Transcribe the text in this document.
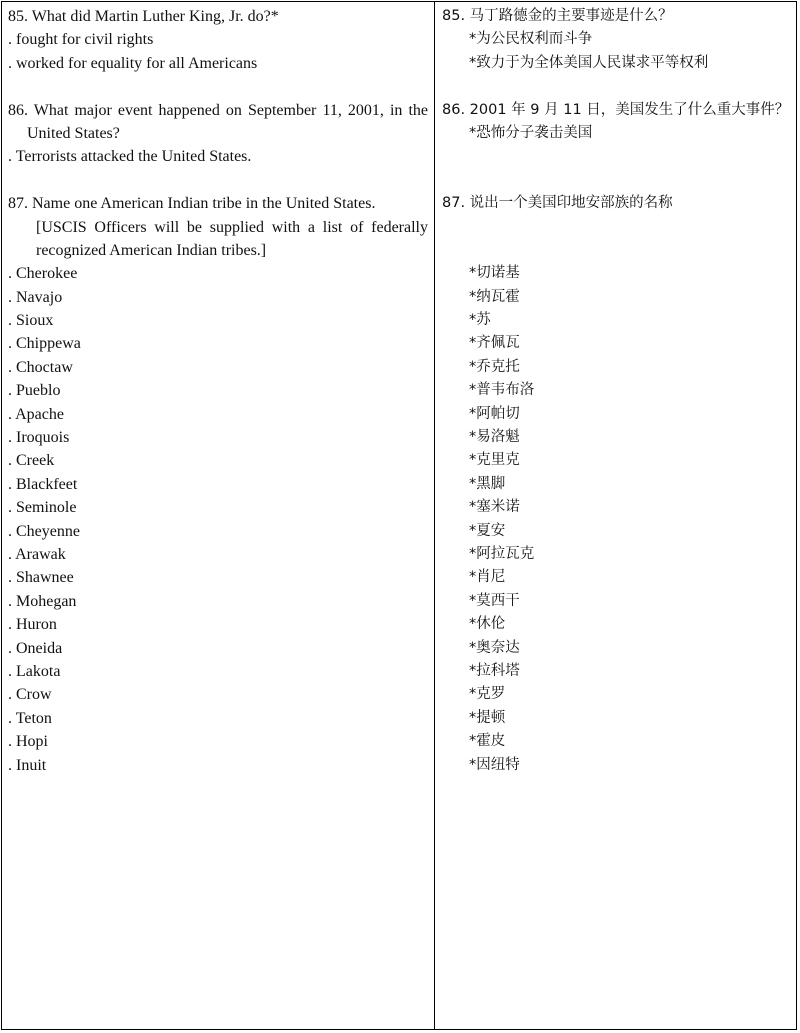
85. What did Martin Luther King, Jr. do?*
. fought for civil rights
. worked for equality for all Americans
86. What major event happened on September 11, 2001, in the
United States?
. Terrorists attacked the United States.
87. Name one American Indian tribe in the United States.
[USCIS Officers will be supplied with a list of federally
recognized American Indian tribes.]
. Cherokee
. Navajo
. Sioux
. Chippewa
. Choctaw
. Pueblo
. Apache
. Iroquois
. Creek
. Blackfeet
. Seminole
. Cheyenne
. Arawak
. Shawnee
. Mohegan
. Huron
. Oneida
. Lakota
. Crow
. Teton
. Hopi
. Inuit
85. 马丁路德金的主要事迹是什么？
*为公民权利而斗争
*致力于为全体美国人民谋求平等权利
86. 2001 年 9 月 11 日，美国发生了什么重大事件？
*恐怖分子袭击美国
87. 说出一个美国印地安部族的名称
*切诺基
*纳瓦霍
*苏
*齐佩瓦
*乔克托
*普韦布洛
*阿帕切
*易洛魁
*克里克
*黑脚
*塞米诺
*夏安
*阿拉瓦克
*肖尼
*莫西干
*休伦
*奥奈达
*拉科塔
*克罗
*提顿
*霍皮
*因纽特
